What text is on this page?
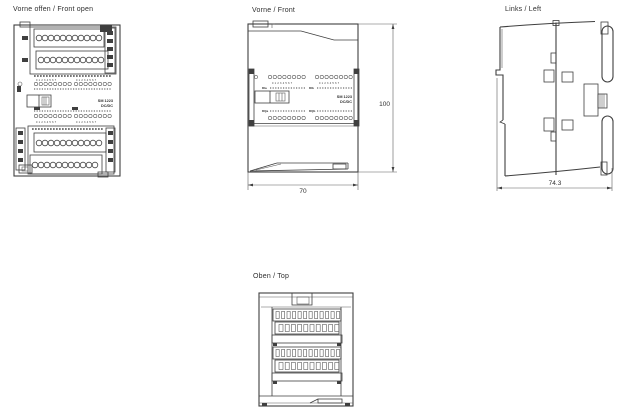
Vorne offen / Front open	Vorne / Front	Links / Left
Oben / Top
0 1 2 3 4 5 6 7	0 1 2 3 4 5 6 7
SM 1223
DC/DC
0 1 2 3 4 5 6 7	0 1 2 3 4 5 6 7
0 1 2 3 4 5 6 7	0 1 2 3 4 5 6 7
DIa	DIb
SM 1223
DC/DC
DQa	DQb
100
70
74.3
